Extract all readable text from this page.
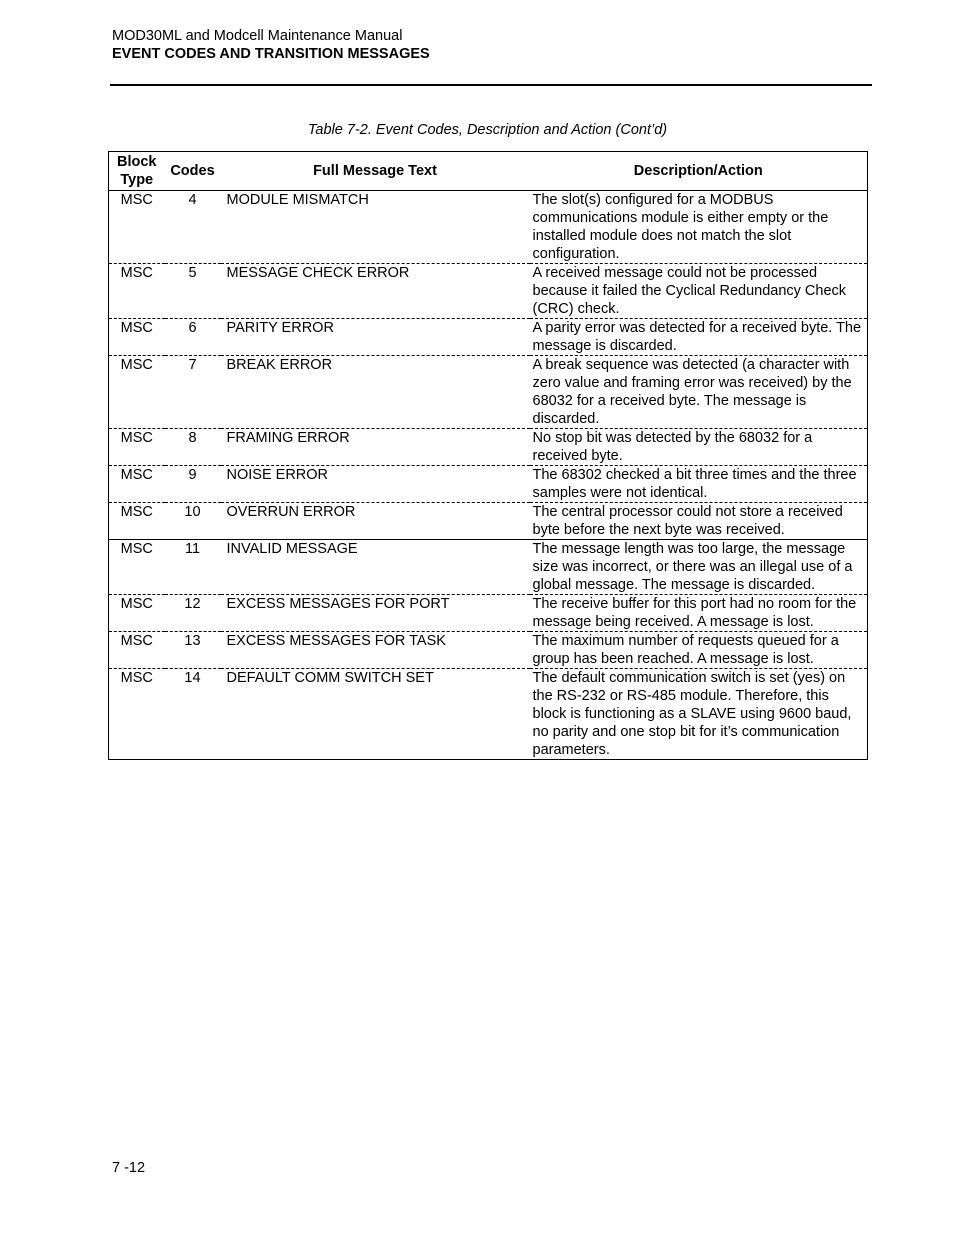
MOD30ML and Modcell Maintenance Manual
EVENT CODES AND TRANSITION MESSAGES
Table 7-2. Event Codes, Description and Action (Cont’d)
Block Type	Codes	Full Message Text	Description/Action
MSC	4	MODULE MISMATCH	The slot(s) configured for a MODBUS communications module is either empty or the installed module does not match the slot configuration.
MSC	5	MESSAGE CHECK ERROR	A received message could not be processed because it failed the Cyclical Redundancy Check (CRC) check.
MSC	6	PARITY ERROR	A parity error was detected for a received byte. The message is discarded.
MSC	7	BREAK ERROR	A break sequence was detected (a character with zero value and framing error was received) by the 68032 for a received byte. The message is discarded.
MSC	8	FRAMING ERROR	No stop bit was detected by the 68032 for a received byte.
MSC	9	NOISE ERROR	The 68302 checked a bit three times and the three samples were not identical.
MSC	10	OVERRUN ERROR	The central processor could not store a received byte before the next byte was received.
MSC	11	INVALID MESSAGE	The message length was too large, the message size was incorrect, or there was an illegal use of a global message. The message is discarded.
MSC	12	EXCESS MESSAGES FOR PORT	The receive buffer for this port had no room for the message being received. A message is lost.
MSC	13	EXCESS MESSAGES FOR TASK	The maximum number of requests queued for a group has been reached. A message is lost.
MSC	14	DEFAULT COMM SWITCH SET	The default communication switch is set (yes) on the RS-232 or RS-485 module. Therefore, this block is functioning as a SLAVE using 9600 baud, no parity and one stop bit for it’s communication parameters.
7 -12
